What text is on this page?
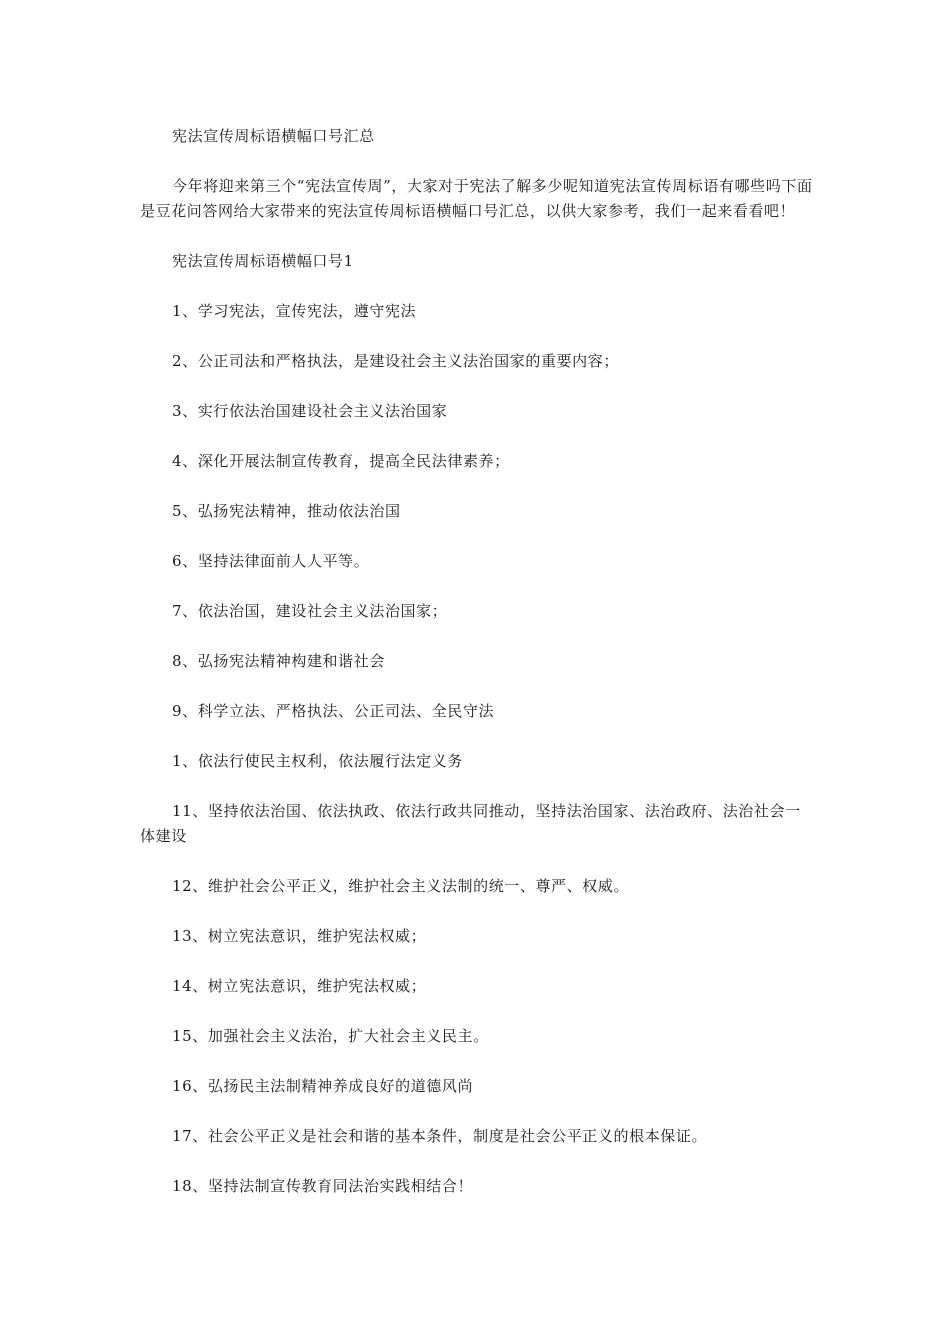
宪法宣传周标语横幅口号汇总

今年将迎来第三个“宪法宣传周”，大家对于宪法了解多少呢知道宪法宣传周标语有哪些吗下面是豆花问答网给大家带来的宪法宣传周标语横幅口号汇总，以供大家参考，我们一起来看看吧！

宪法宣传周标语横幅口号1

1、学习宪法，宣传宪法，遵守宪法

2、公正司法和严格执法，是建设社会主义法治国家的重要内容；

3、实行依法治国建设社会主义法治国家

4、深化开展法制宣传教育，提高全民法律素养；

5、弘扬宪法精神，推动依法治国

6、坚持法律面前人人平等。

7、依法治国，建设社会主义法治国家；

8、弘扬宪法精神构建和谐社会

9、科学立法、严格执法、公正司法、全民守法

1、依法行使民主权利，依法履行法定义务

11、坚持依法治国、依法执政、依法行政共同推动，坚持法治国家、法治政府、法治社会一体建设

12、维护社会公平正义，维护社会主义法制的统一、尊严、权威。

13、树立宪法意识，维护宪法权威；

14、树立宪法意识，维护宪法权威；

15、加强社会主义法治，扩大社会主义民主。

16、弘扬民主法制精神养成良好的道德风尚

17、社会公平正义是社会和谐的基本条件，制度是社会公平正义的根本保证。

18、坚持法制宣传教育同法治实践相结合！
